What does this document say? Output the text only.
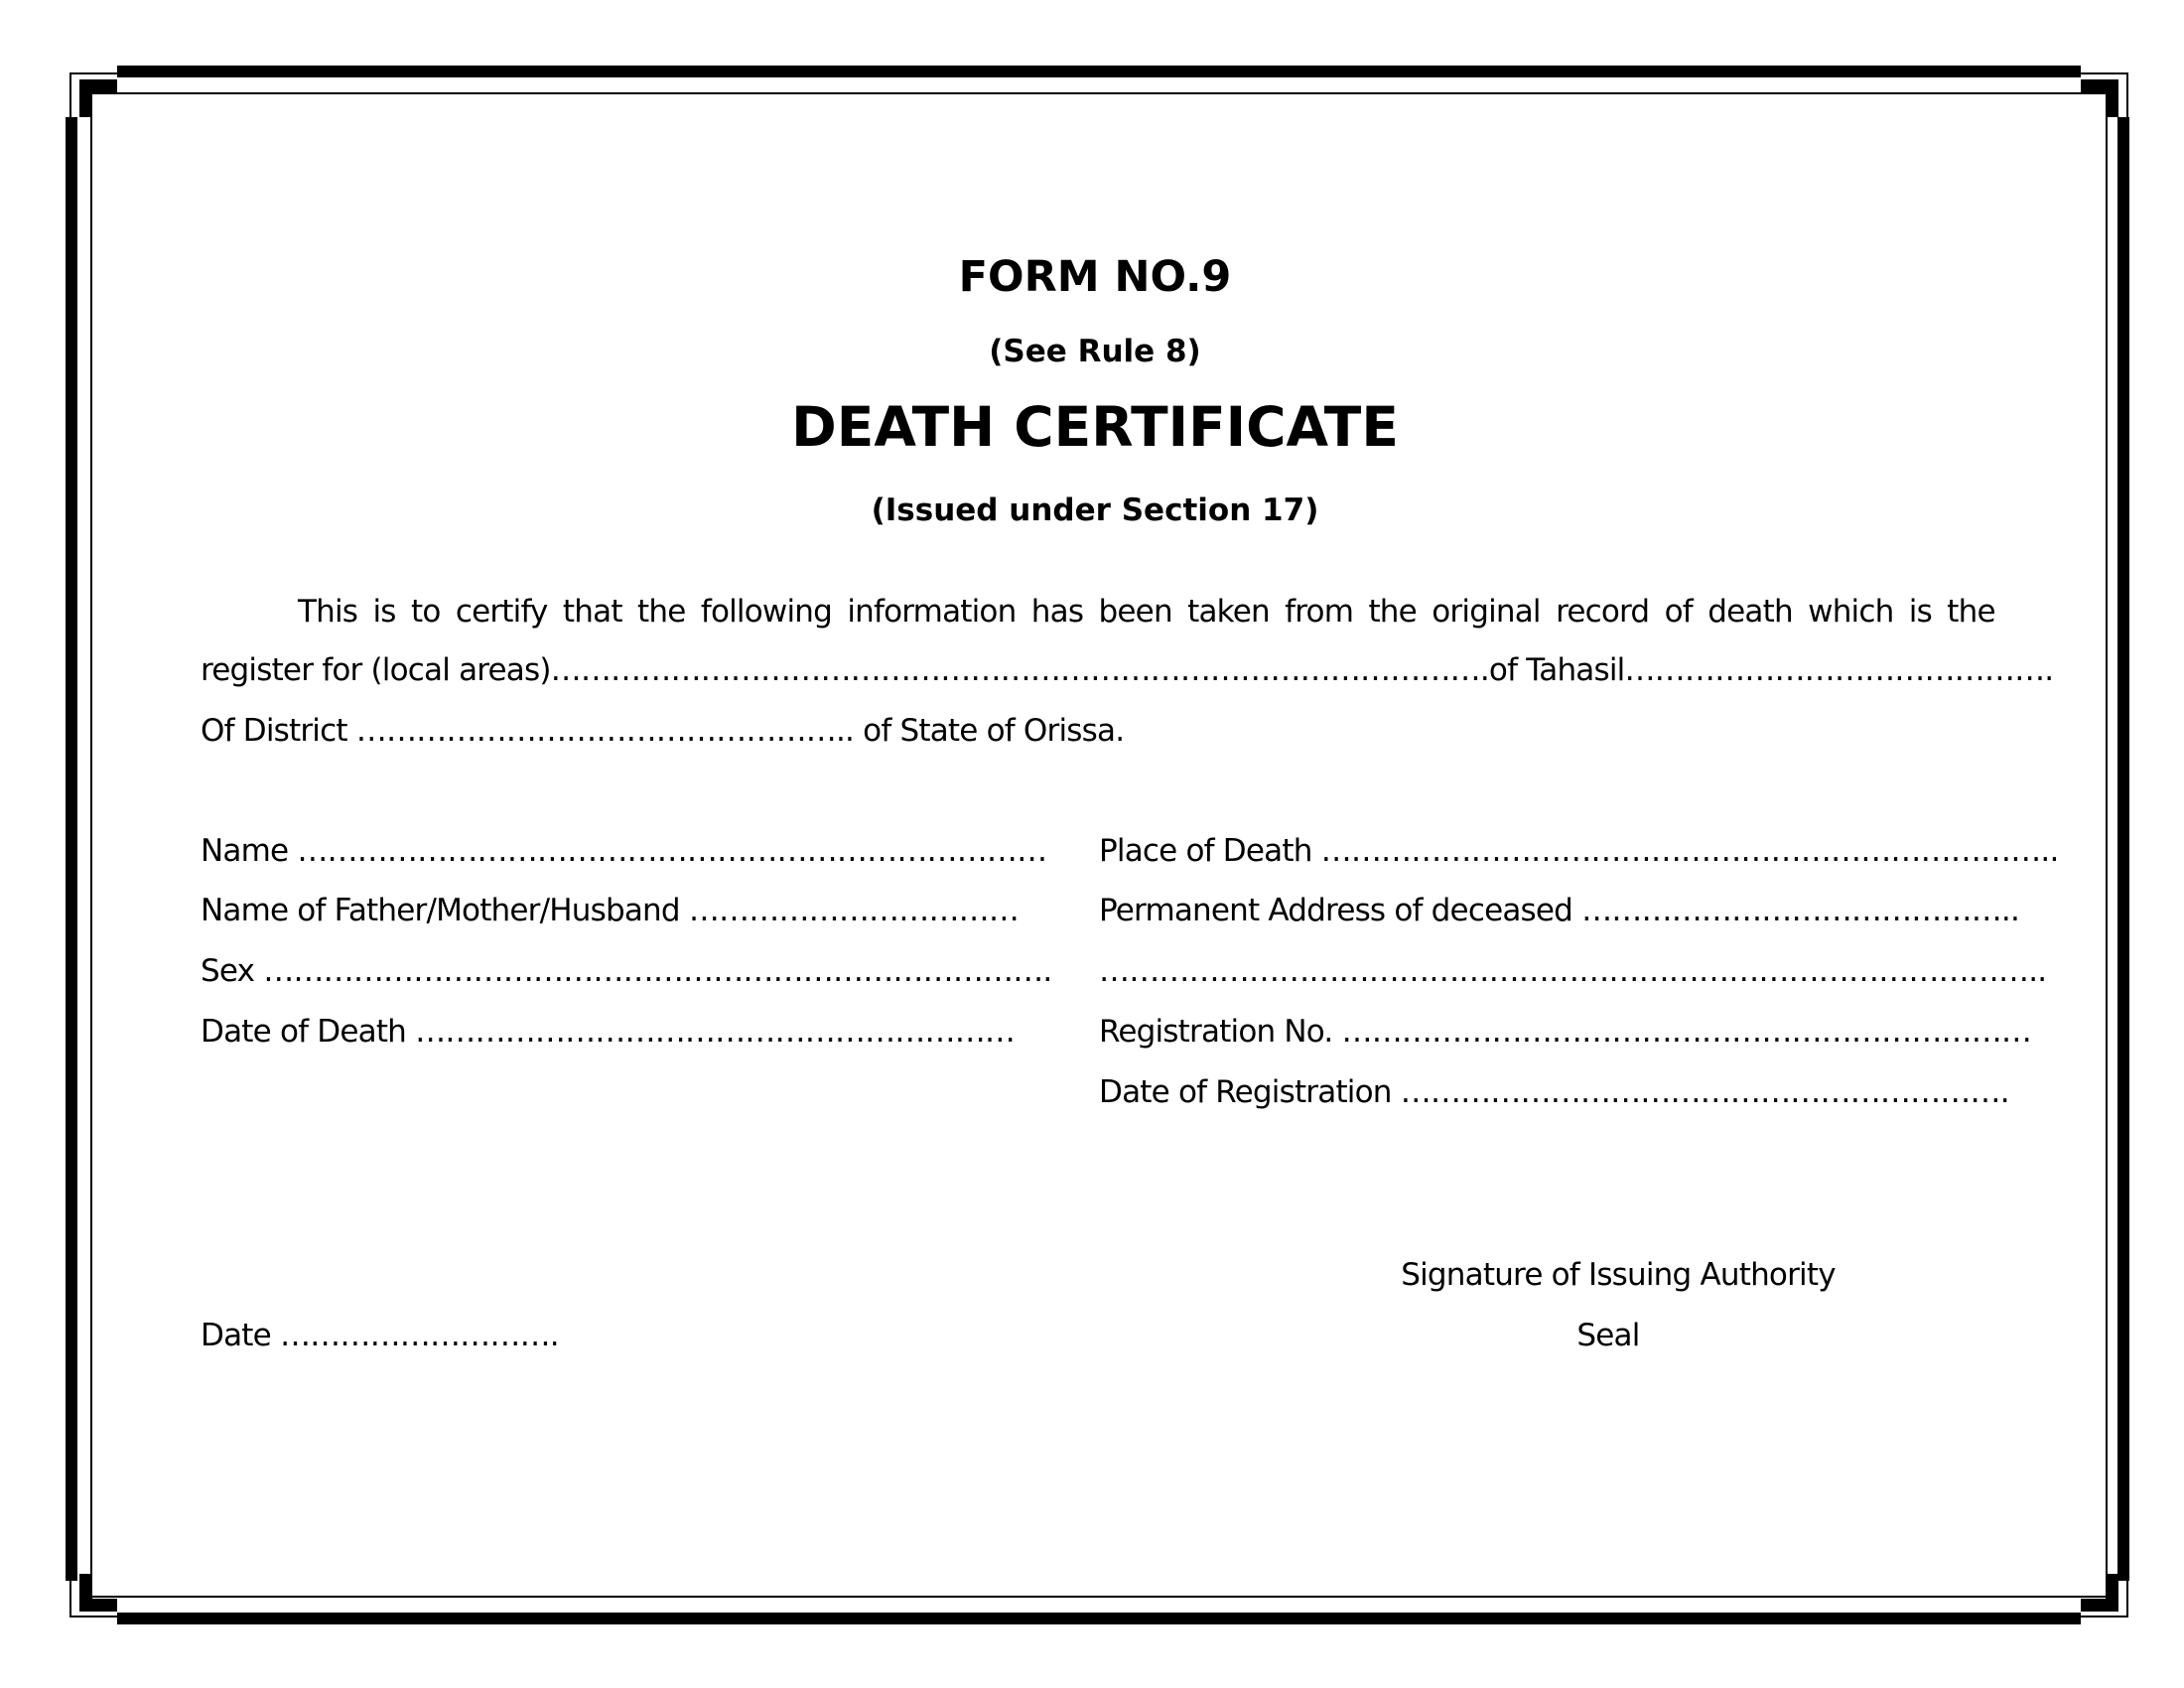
FORM NO.9
(See Rule 8)
DEATH CERTIFICATE
(Issued under Section 17)
This is to certify that the following information has been taken from the original record of death which is the
register for (local areas) …………………………………………………………………………………. of Tahasil …………………………………….
Of District ………………………………………….. of State of Orissa.
Name …………………………………………………………………
Name of Father/Mother/Husband ……………………………
Sex …………………………………………………………………….
Date of Death ……………………………………………………
Place of Death ………………………………………………………………..
Permanent Address of deceased ……………………………………..
…………………………………………………………………………………..
Registration No. ……………………………………………………………
Date of Registration …………………………………………………….
Signature of Issuing Authority
Seal
Date ……………………….
